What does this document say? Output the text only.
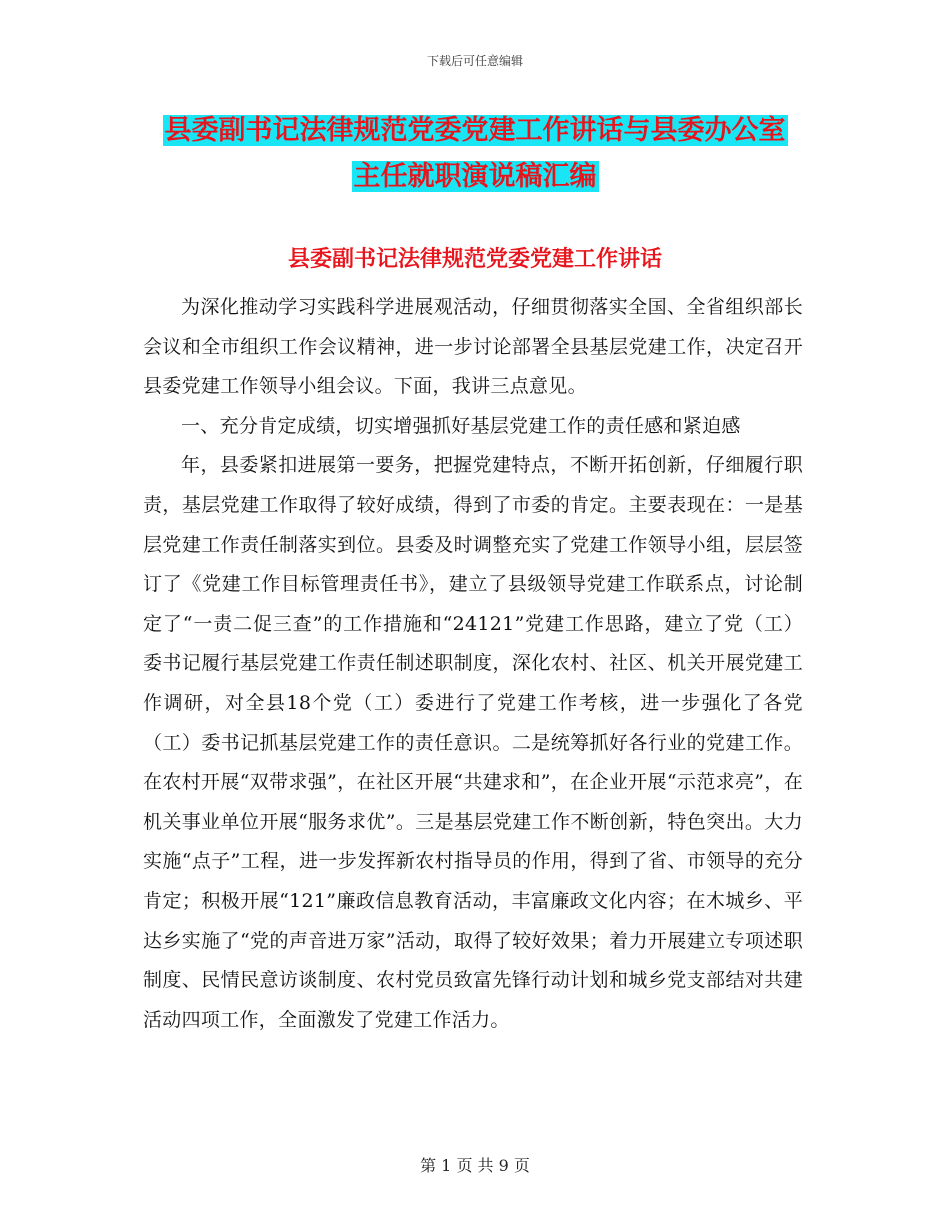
下载后可任意编辑
县委副书记法律规范党委党建工作讲话与县委办公室
主任就职演说稿汇编
县委副书记法律规范党委党建工作讲话

为深化推动学习实践科学进展观活动，仔细贯彻落实全国、全省组织部长会议和全市组织工作会议精神，进一步讨论部署全县基层党建工作，决定召开县委党建工作领导小组会议。下面，我讲三点意见。

一、充分肯定成绩，切实增强抓好基层党建工作的责任感和紧迫感

年，县委紧扣进展第一要务，把握党建特点，不断开拓创新，仔细履行职责，基层党建工作取得了较好成绩，得到了市委的肯定。主要表现在：一是基层党建工作责任制落实到位。县委及时调整充实了党建工作领导小组，层层签订了《党建工作目标管理责任书》，建立了县级领导党建工作联系点，讨论制定了“一责二促三查”的工作措施和“24121”党建工作思路，建立了党（工）委书记履行基层党建工作责任制述职制度，深化农村、社区、机关开展党建工作调研，对全县18个党（工）委进行了党建工作考核，进一步强化了各党（工）委书记抓基层党建工作的责任意识。二是统筹抓好各行业的党建工作。在农村开展“双带求强”，在社区开展“共建求和”，在企业开展“示范求亮”，在机关事业单位开展“服务求优”。三是基层党建工作不断创新，特色突出。大力实施“点子”工程，进一步发挥新农村指导员的作用，得到了省、市领导的充分肯定；积极开展“121”廉政信息教育活动，丰富廉政文化内容；在木城乡、平达乡实施了“党的声音进万家”活动，取得了较好效果；着力开展建立专项述职制度、民情民意访谈制度、农村党员致富先锋行动计划和城乡党支部结对共建活动四项工作，全面激发了党建工作活力。

第 1 页 共 9 页
